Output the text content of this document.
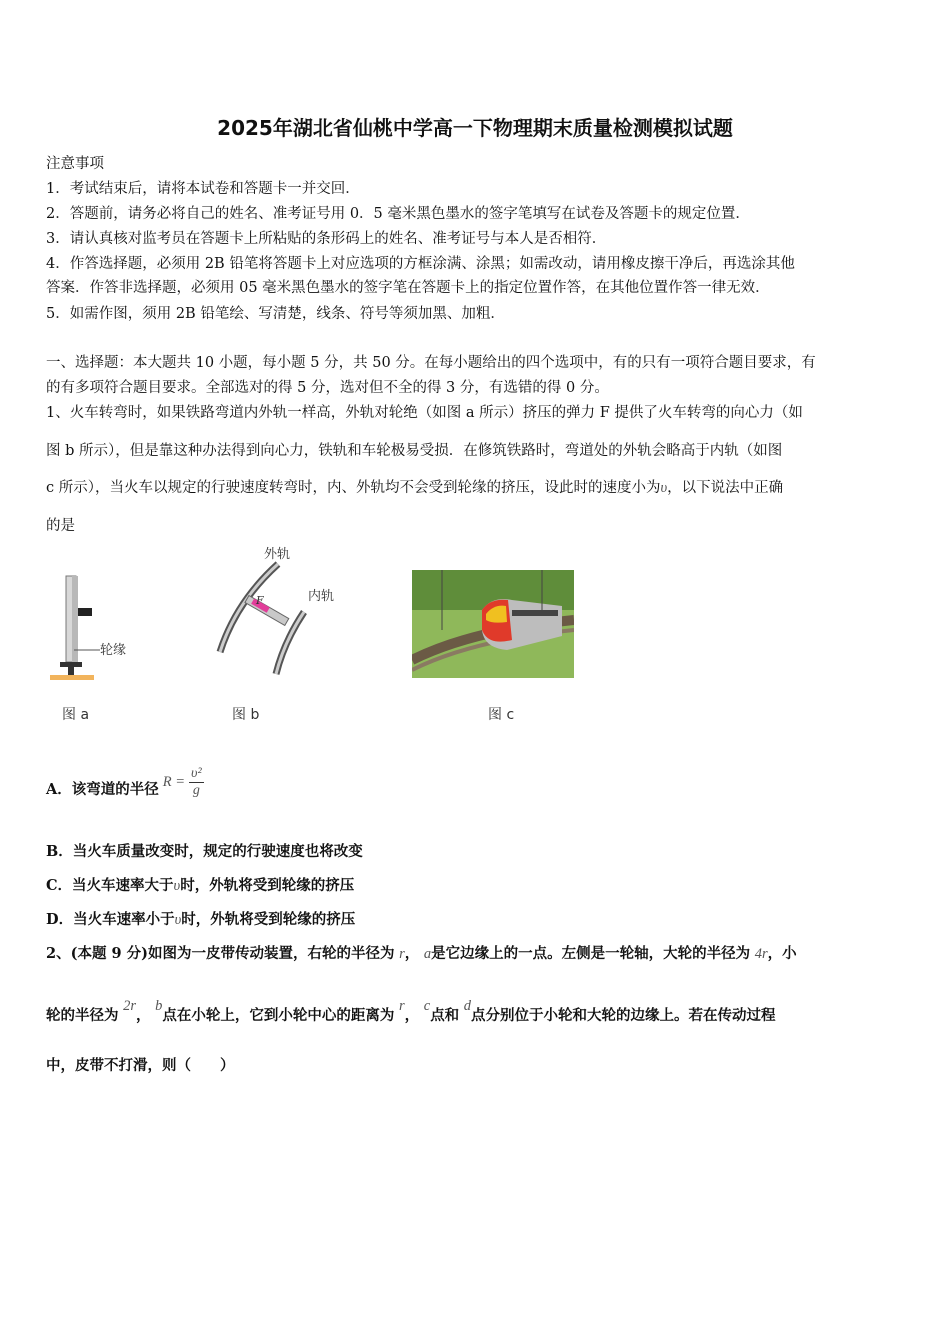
2025年湖北省仙桃中学高一下物理期末质量检测模拟试题
注意事项
1．考试结束后，请将本试卷和答题卡一并交回．
2．答题前，请务必将自己的姓名、准考证号用 0．5 毫米黑色墨水的签字笔填写在试卷及答题卡的规定位置．
3．请认真核对监考员在答题卡上所粘贴的条形码上的姓名、准考证号与本人是否相符．
4．作答选择题，必须用 2B 铅笔将答题卡上对应选项的方框涂满、涂黑；如需改动，请用橡皮擦干净后，再选涂其他
答案．作答非选择题，必须用 05 毫米黑色墨水的签字笔在答题卡上的指定位置作答，在其他位置作答一律无效．
5．如需作图，须用 2B 铅笔绘、写清楚，线条、符号等须加黑、加粗．
一、选择题：本大题共 10 小题，每小题 5 分，共 50 分。在每小题给出的四个选项中，有的只有一项符合题目要求，有
的有多项符合题目要求。全部选对的得 5 分，选对但不全的得 3 分，有选错的得 0 分。
1、火车转弯时，如果铁路弯道内外轨一样高，外轨对轮绝（如图 a 所示）挤压的弹力 F 提供了火车转弯的向心力（如
图 b 所示），但是靠这种办法得到向心力，铁轨和车轮极易受损．在修筑铁路时，弯道处的外轨会略高于内轨（如图
c 所示），当火车以规定的行驶速度转弯时，内、外轨均不会受到轮缘的挤压，设此时的速度小为υ，以下说法中正确
的是
轮缘
图 a
外轨
F	内轨
图 b	图 c
A．该弯道的半径 $R = \frac{\text{υ²}}{g}$
B．当火车质量改变时，规定的行驶速度也将改变
C．当火车速率大于υ时，外轨将受到轮缘的挤压
D．当火车速率小于υ时，外轨将受到轮缘的挤压
2、(本题 9 分)如图为一皮带传动装置，右轮的半径为 r， a是它边缘上的一点。左侧是一轮轴，大轮的半径为 4r，小
轮的半径为 2r， b点在小轮上，它到小轮中心的距离为 r， c点和 d点分别位于小轮和大轮的边缘上。若在传动过程
中，皮带不打滑，则（　　）
